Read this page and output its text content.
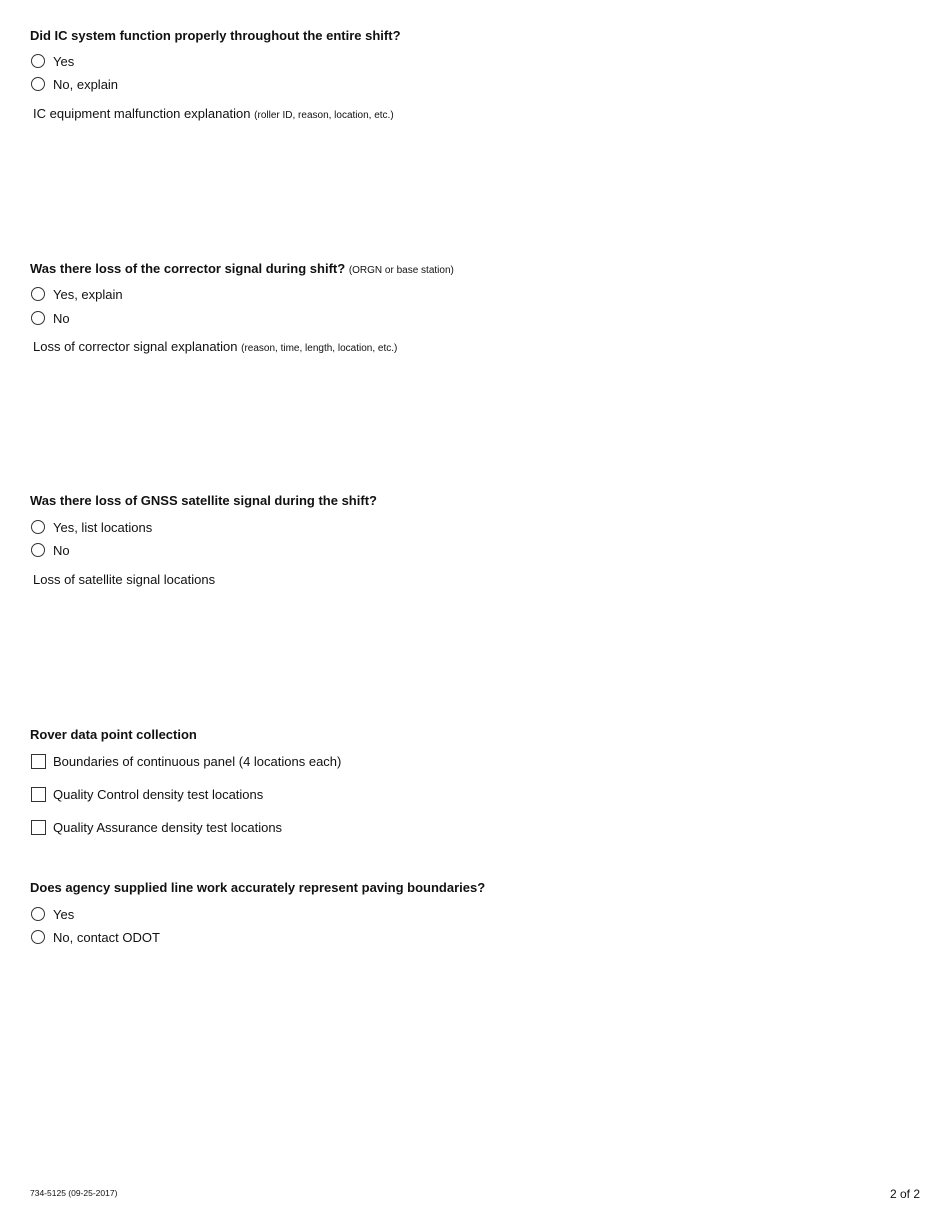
Did IC system function properly throughout the entire shift?
Yes
No, explain
IC equipment malfunction explanation (roller ID, reason, location, etc.)
Was there loss of the corrector signal during shift? (ORGN or base station)
Yes, explain
No
Loss of corrector signal explanation (reason, time, length, location, etc.)
Was there loss of GNSS satellite signal during the shift?
Yes, list locations
No
Loss of satellite signal locations
Rover data point collection
Boundaries of continuous panel (4 locations each)
Quality Control density test locations
Quality Assurance density test locations
Does agency supplied line work accurately represent paving boundaries?
Yes
No, contact ODOT
734-5125 (09-25-2017)	2 of 2
